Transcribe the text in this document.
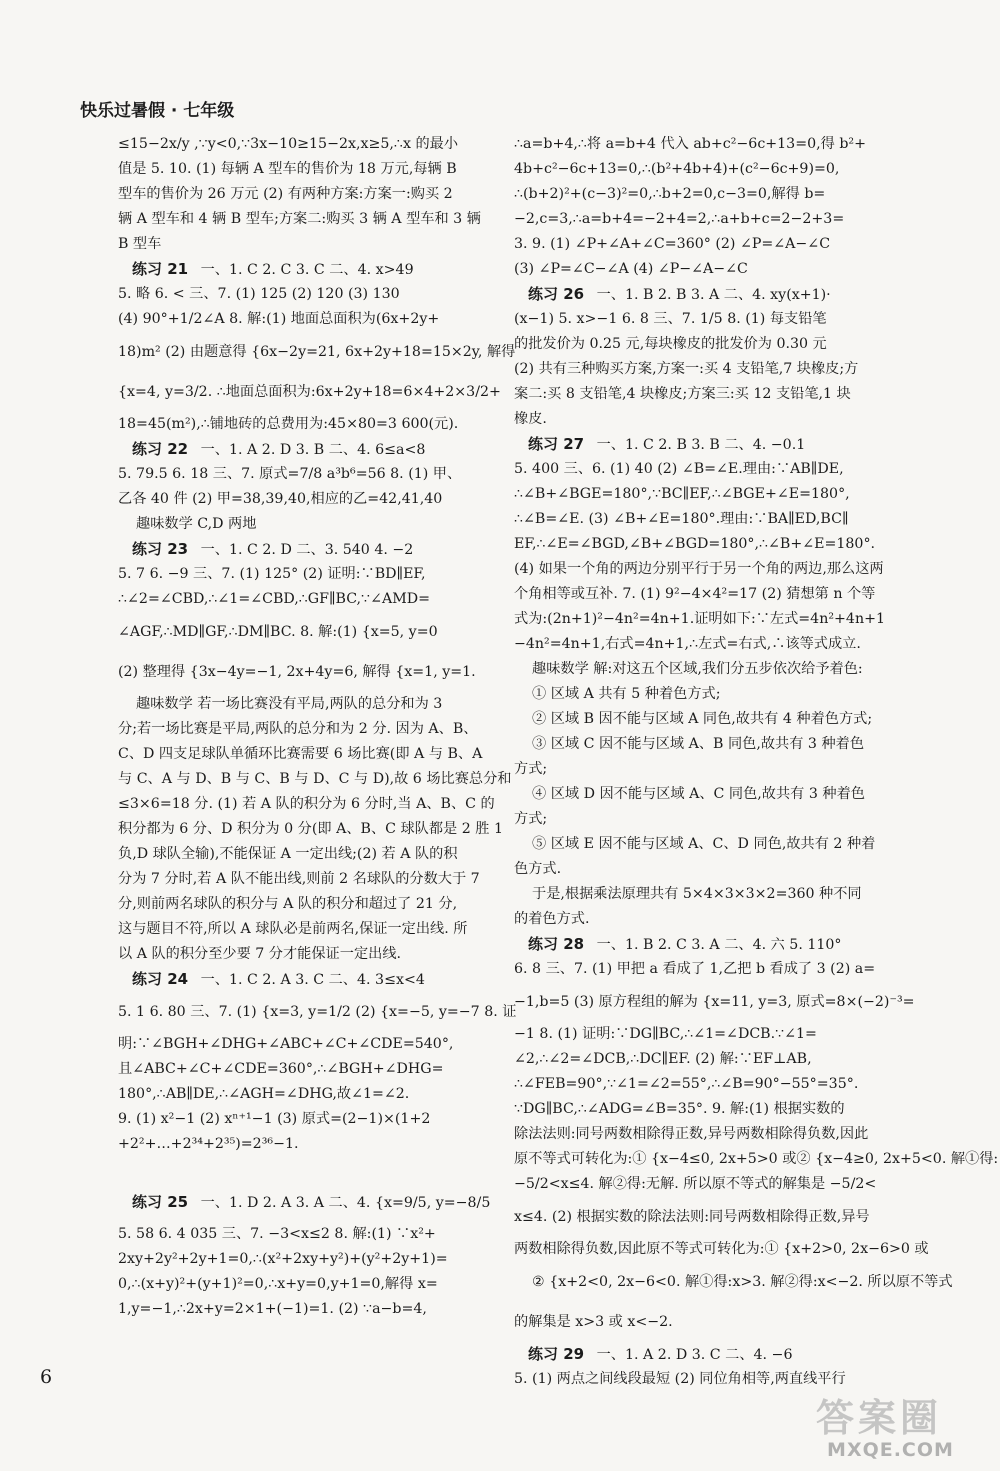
快乐过暑假 · 七年级
≤15−2x/y ,∵y<0,∵3x−10≥15−2x,x≥5,∴x 的最小
值是 5. 10. (1) 每辆 A 型车的售价为 18 万元,每辆 B
型车的售价为 26 万元 (2) 有两种方案:方案一:购买 2
辆 A 型车和 4 辆 B 型车;方案二:购买 3 辆 A 型车和 3 辆
B 型车
练习 21 一、1. C 2. C 3. C 二、4. x>49
5. 略 6. < 三、7. (1) 125 (2) 120 (3) 130
(4) 90°+1/2∠A 8. 解:(1) 地面总面积为(6x+2y+
18)m² (2) 由题意得 {6x−2y=21, 6x+2y+18=15×2y, 解得
{x=4, y=3/2. ∴地面总面积为:6x+2y+18=6×4+2×3/2+
18=45(m²),∴铺地砖的总费用为:45×80=3 600(元).
练习 22 一、1. A 2. D 3. B 二、4. 6≤a<8
5. 79.5 6. 18 三、7. 原式=7/8 a³b⁶=56 8. (1) 甲、
乙各 40 件 (2) 甲=38,39,40,相应的乙=42,41,40
趣味数学 C,D 两地
练习 23 一、1. C 2. D 二、3. 540 4. −2
5. 7 6. −9 三、7. (1) 125° (2) 证明:∵BD∥EF,
∴∠2=∠CBD,∴∠1=∠CBD,∴GF∥BC,∵∠AMD=
∠AGF,∴MD∥GF,∴DM∥BC. 8. 解:(1) {x=5, y=0
(2) 整理得 {3x−4y=−1, 2x+4y=6, 解得 {x=1, y=1.
趣味数学 若一场比赛没有平局,两队的总分和为 3
分;若一场比赛是平局,两队的总分和为 2 分. 因为 A、B、
C、D 四支足球队单循环比赛需要 6 场比赛(即 A 与 B、A
与 C、A 与 D、B 与 C、B 与 D、C 与 D),故 6 场比赛总分和
≤3×6=18 分. (1) 若 A 队的积分为 6 分时,当 A、B、C 的
积分都为 6 分、D 积分为 0 分(即 A、B、C 球队都是 2 胜 1
负,D 球队全输),不能保证 A 一定出线;(2) 若 A 队的积
分为 7 分时,若 A 队不能出线,则前 2 名球队的分数大于 7
分,则前两名球队的积分与 A 队的积分和超过了 21 分,
这与题目不符,所以 A 球队必是前两名,保证一定出线. 所
以 A 队的积分至少要 7 分才能保证一定出线.
练习 24 一、1. C 2. A 3. C 二、4. 3≤x<4
5. 1 6. 80 三、7. (1) {x=3, y=1/2 (2) {x=−5, y=−7 8. 证
明:∵∠BGH+∠DHG+∠ABC+∠C+∠CDE=540°,
且∠ABC+∠C+∠CDE=360°,∴∠BGH+∠DHG=
180°,∴AB∥DE,∴∠AGH=∠DHG,故∠1=∠2.
9. (1) x²−1 (2) xⁿ⁺¹−1 (3) 原式=(2−1)×(1+2
+2²+…+2³⁴+2³⁵)=2³⁶−1.
练习 25 一、1. D 2. A 3. A 二、4. {x=9/5, y=−8/5
5. 58 6. 4 035 三、7. −3<x≤2 8. 解:(1) ∵x²+
2xy+2y²+2y+1=0,∴(x²+2xy+y²)+(y²+2y+1)=
0,∴(x+y)²+(y+1)²=0,∴x+y=0,y+1=0,解得 x=
1,y=−1,∴2x+y=2×1+(−1)=1. (2) ∵a−b=4,
∴a=b+4,∴将 a=b+4 代入 ab+c²−6c+13=0,得 b²+
4b+c²−6c+13=0,∴(b²+4b+4)+(c²−6c+9)=0,
∴(b+2)²+(c−3)²=0,∴b+2=0,c−3=0,解得 b=
−2,c=3,∴a=b+4=−2+4=2,∴a+b+c=2−2+3=
3. 9. (1) ∠P+∠A+∠C=360° (2) ∠P=∠A−∠C
(3) ∠P=∠C−∠A (4) ∠P−∠A−∠C
练习 26 一、1. B 2. B 3. A 二、4. xy(x+1)·
(x−1) 5. x>−1 6. 8 三、7. 1/5 8. (1) 每支铅笔
的批发价为 0.25 元,每块橡皮的批发价为 0.30 元
(2) 共有三种购买方案,方案一:买 4 支铅笔,7 块橡皮;方
案二:买 8 支铅笔,4 块橡皮;方案三:买 12 支铅笔,1 块
橡皮.
练习 27 一、1. C 2. B 3. B 二、4. −0.1
5. 400 三、6. (1) 40 (2) ∠B=∠E.理由:∵AB∥DE,
∴∠B+∠BGE=180°,∵BC∥EF,∴∠BGE+∠E=180°,
∴∠B=∠E. (3) ∠B+∠E=180°.理由:∵BA∥ED,BC∥
EF,∴∠E=∠BGD,∠B+∠BGD=180°,∴∠B+∠E=180°.
(4) 如果一个角的两边分别平行于另一个角的两边,那么这两
个角相等或互补. 7. (1) 9²−4×4²=17 (2) 猜想第 n 个等
式为:(2n+1)²−4n²=4n+1.证明如下:∵左式=4n²+4n+1
−4n²=4n+1,右式=4n+1,∴左式=右式,∴该等式成立.
趣味数学 解:对这五个区域,我们分五步依次给予着色:
① 区域 A 共有 5 种着色方式;
② 区域 B 因不能与区域 A 同色,故共有 4 种着色方式;
③ 区域 C 因不能与区域 A、B 同色,故共有 3 种着色
方式;
④ 区域 D 因不能与区域 A、C 同色,故共有 3 种着色
方式;
⑤ 区域 E 因不能与区域 A、C、D 同色,故共有 2 种着
色方式.
于是,根据乘法原理共有 5×4×3×3×2=360 种不同
的着色方式.
练习 28 一、1. B 2. C 3. A 二、4. 六 5. 110°
6. 8 三、7. (1) 甲把 a 看成了 1,乙把 b 看成了 3 (2) a=
−1,b=5 (3) 原方程组的解为 {x=11, y=3, 原式=8×(−2)⁻³=
−1 8. (1) 证明:∵DG∥BC,∴∠1=∠DCB.∵∠1=
∠2,∴∠2=∠DCB,∴DC∥EF. (2) 解:∵EF⊥AB,
∴∠FEB=90°,∵∠1=∠2=55°,∴∠B=90°−55°=35°.
∵DG∥BC,∴∠ADG=∠B=35°. 9. 解:(1) 根据实数的
除法法则:同号两数相除得正数,异号两数相除得负数,因此
原不等式可转化为:① {x−4≤0, 2x+5>0 或② {x−4≥0, 2x+5<0. 解①得:
−5/2<x≤4. 解②得:无解. 所以原不等式的解集是 −5/2<
x≤4. (2) 根据实数的除法法则:同号两数相除得正数,异号
两数相除得负数,因此原不等式可转化为:① {x+2>0, 2x−6>0 或
② {x+2<0, 2x−6<0. 解①得:x>3. 解②得:x<−2. 所以原不等式
的解集是 x>3 或 x<−2.
练习 29 一、1. A 2. D 3. C 二、4. −6
5. (1) 两点之间线段最短 (2) 同位角相等,两直线平行
6
答案圈
MXQE.COM
